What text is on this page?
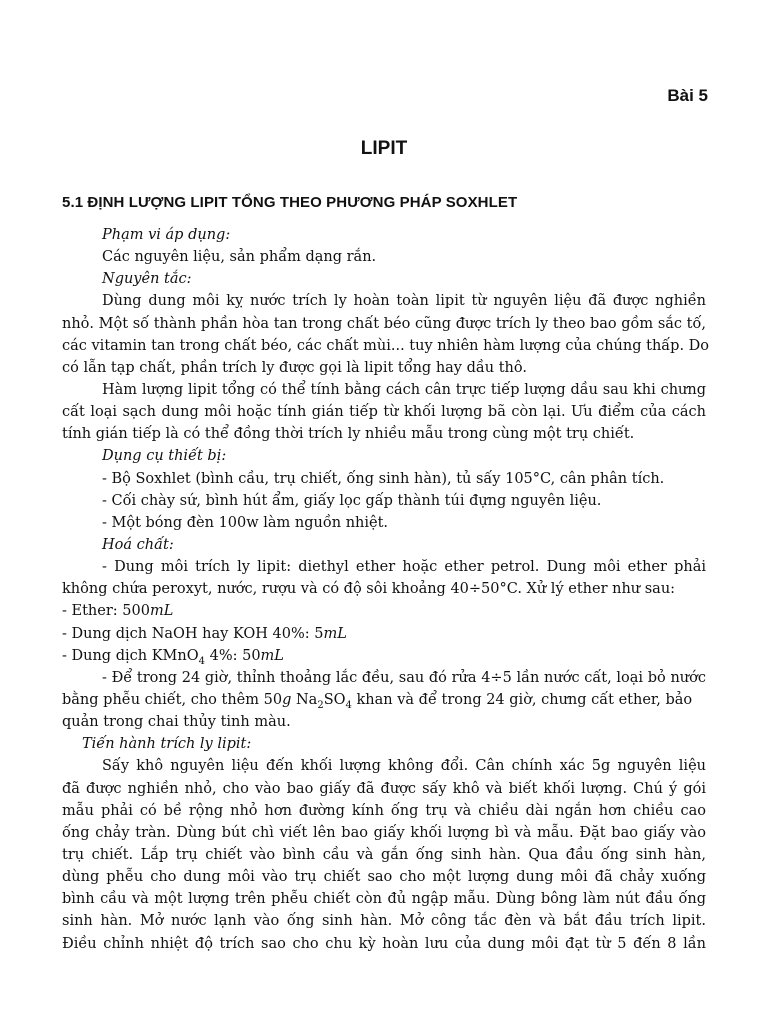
Bài 5
LIPIT
5.1 ĐỊNH LƯỢNG LIPIT TỔNG THEO PHƯƠNG PHÁP SOXHLET
Phạm vi áp dụng:
Các nguyên liệu, sản phẩm dạng rắn.
Nguyên tắc:
Dùng dung môi kỵ nước trích ly hoàn toàn lipit từ nguyên liệu đã được nghiền
nhỏ. Một số thành phần hòa tan trong chất béo cũng được trích ly theo bao gồm sắc tố,
các vitamin tan trong chất béo, các chất mùi... tuy nhiên hàm lượng của chúng thấp. Do
có lẫn tạp chất, phần trích ly được gọi là lipit tổng hay dầu thô.
Hàm lượng lipit tổng có thể tính bằng cách cân trực tiếp lượng dầu sau khi chưng
cất loại sạch dung môi hoặc tính gián tiếp từ khối lượng bã còn lại. Ưu điểm của cách
tính gián tiếp là có thể đồng thời trích ly nhiều mẫu trong cùng một trụ chiết.
Dụng cụ thiết bị:
- Bộ Soxhlet (bình cầu, trụ chiết, ống sinh hàn), tủ sấy 105°C, cân phân tích.
- Cối chày sứ, bình hút ẩm, giấy lọc gấp thành túi đựng nguyên liệu.
- Một bóng đèn 100w làm nguồn nhiệt.
Hoá chất:
- Dung môi trích ly lipit: diethyl ether hoặc ether petrol. Dung môi ether phải
không chứa peroxyt, nước, rượu và có độ sôi khoảng 40÷50°C. Xử lý ether như sau:
- Ether: 500mL
- Dung dịch NaOH hay KOH 40%: 5mL
- Dung dịch KMnO$_4$ 4%: 50mL
- Để trong 24 giờ, thỉnh thoảng lắc đều, sau đó rửa 4÷5 lần nước cất, loại bỏ nước
bằng phễu chiết, cho thêm 50g $Na_2SO_4$ khan và để trong 24 giờ, chưng cất ether, bảo
quản trong chai thủy tinh màu.
Tiến hành trích ly lipit:
Sấy khô nguyên liệu đến khối lượng không đổi. Cân chính xác 5g nguyên liệu
đã được nghiền nhỏ, cho vào bao giấy đã được sấy khô và biết khối lượng. Chú ý gói
mẫu phải có bề rộng nhỏ hơn đường kính ống trụ và chiều dài ngắn hơn chiều cao
ống chảy tràn. Dùng bút chì viết lên bao giấy khối lượng bì và mẫu. Đặt bao giấy vào
trụ chiết. Lắp trụ chiết vào bình cầu và gắn ống sinh hàn. Qua đầu ống sinh hàn,
dùng phễu cho dung môi vào trụ chiết sao cho một lượng dung môi đã chảy xuống
bình cầu và một lượng trên phễu chiết còn đủ ngập mẫu. Dùng bông làm nút đầu ống
sinh hàn. Mở nước lạnh vào ống sinh hàn. Mở công tắc đèn và bắt đầu trích lipit.
Điều chỉnh nhiệt độ trích sao cho chu kỳ hoàn lưu của dung môi đạt từ 5 đến 8 lần
